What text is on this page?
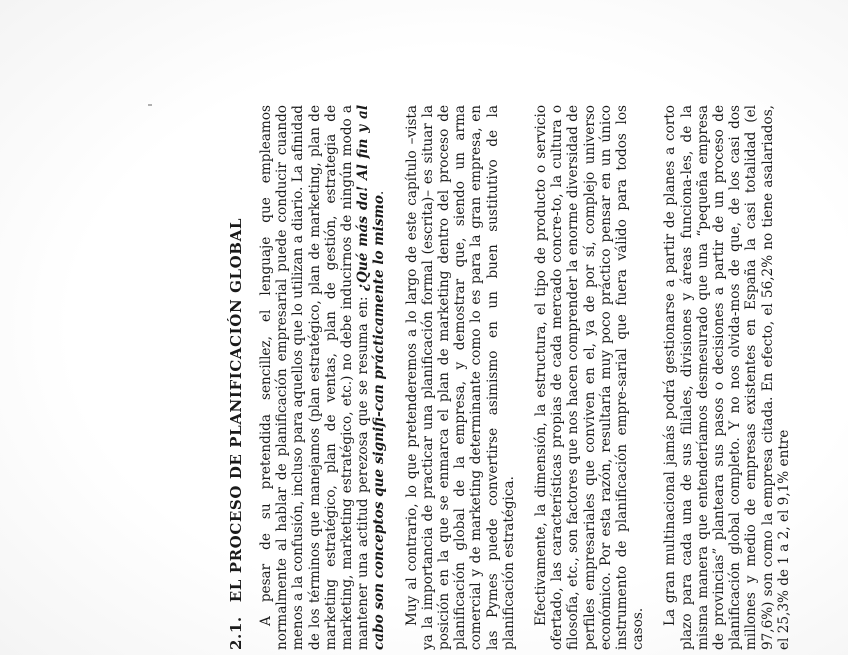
2.1.EL PROCESO DE PLANIFICACIÓN GLOBAL A pesar de su pretendida sencillez, el lenguaje que empleamos normalmente al hablar de planificación empresarial puede conducir cuando menos a la confusión, incluso para aquellos que lo utilizan a diario. La afinidad de los términos que manejamos (plan estratégico, plan de marketing, plan de marketing estratégico, plan de ventas, plan de gestión, estrategia de marketing, marketing estratégico, etc.) no debe inducirnos de ningún modo a mantener una actitud perezosa que se resuma en: ¿Qué más da! Al fin y al cabo son conceptos que signifi-can prácticamente lo mismo. Muy al contrario, lo que pretenderemos a lo largo de este capítulo –vista ya la importancia de practicar una planificación formal (escrita)– es situar la posición en la que se enmarca el plan de marketing dentro del proceso de planificación global de la empresa, y demostrar que, siendo un arma comercial y de marketing determinante como lo es para la gran empresa, en las Pymes puede convertirse asimismo en un buen sustitutivo de la planificación estratégica. Efectivamente, la dimensión, la estructura, el tipo de producto o servicio ofertado, las características propias de cada mercado concre-to, la cultura o filosofía, etc., son factores que nos hacen comprender la enorme diversidad de perfiles empresariales que conviven en el, ya de por sí, complejo universo económico. Por esta razón, resultaría muy poco práctico pensar en un único instrumento de planificación empre-sarial que fuera válido para todos los casos.

La gran multinacional jamás podrá gestionarse a partir de planes a corto plazo para cada una de sus filiales, divisiones y áreas funciona-les, de la misma manera que entenderíamos desmesurado que una “pequeña empresa de provincias” planteara sus pasos o decisiones a partir de un proceso de planificación global completo. Y no nos olvida-mos de que, de los casi dos millones y medio de empresas existentes en España la casi totalidad (el 97,6%) son como la empresa citada. En efecto, el 56,2% no tiene asalariados, el 25,3% de 1 a 2, el 9,1% entre
